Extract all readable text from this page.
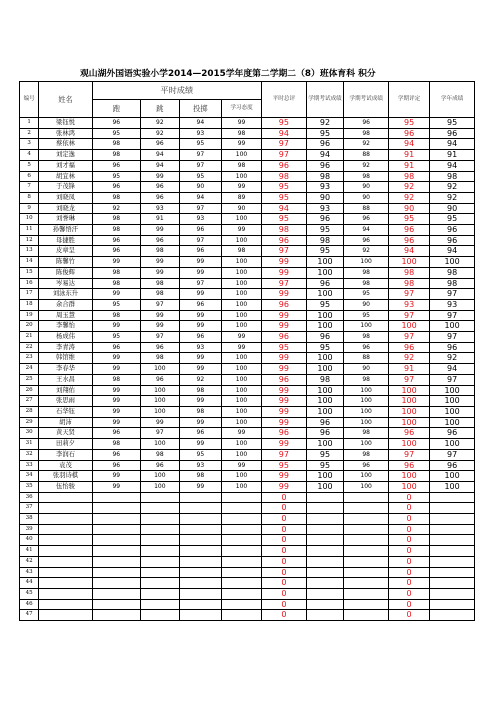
观山湖外国语实验小学2014—2015学年度第二学期二（8）班体育科 积分
编号	姓名	平时成绩				平时总评	学期考试成绩	学期考试成绩	学期评定	学年成绩
		跑	跳	投掷	学习态度					
1	梁钰悦	96	92	94	99	95	92	96	95	95
2	张林鸿	95	92	93	98	94	95	98	96	96
3	蔡依林	98	96	95	99	97	96	92	94	94
4	刘定逸	98	94	97	100	97	94	88	91	91
5	刘才福	96	94	97	98	96	96	92	91	94
6	胡宜林	95	99	95	100	98	98	98	98	98
7	于茂锋	96	96	90	99	95	93	90	92	92
8	刘晓凤	98	96	94	89	95	90	90	92	92
9	刘晓龙	92	93	97	90	94	93	88	90	90
10	刘誉琳	98	91	93	100	95	96	96	95	95
11	孙馨悟汗	98	99	96	99	98	95	94	96	96
12	母捷胜	96	96	97	100	96	98	96	96	96
13	皮章呈	96	98	96	98	97	95	92	94	94
14	陈馨竹	99	99	99	100	99	100	100	100	100
15	陈俊辉	98	99	99	100	99	100	98	98	98
16	岑易达	98	98	97	100	97	96	98	98	98
17	刘泳东升	99	98	99	100	99	100	95	97	97
18	余合群	95	97	96	100	96	95	90	93	93
19	周玉慧	98	99	99	100	99	100	95	97	97
20	李馨怡	99	99	99	100	99	100	100	100	100
21	杨成伟	95	97	96	99	96	96	98	97	97
22	李青涛	96	96	93	99	95	95	96	96	96
23	韩馆维	99	98	99	100	99	100	88	92	92
24	李春华	99	100	99	100	99	100	90	91	94
25	王水昌	98	96	92	100	96	98	98	97	97
26	刘翔佑	99	100	98	100	99	100	100	100	100
27	张思雨	99	100	99	100	99	100	100	100	100
28	石华钰	99	100	98	100	99	100	100	100	100
29	胡沛	99	99	99	100	99	96	100	100	100
30	黄天贤	96	97	96	99	96	96	98	96	96
31	田莉夕	98	100	99	100	99	100	100	100	100
32	李润石	96	98	95	100	97	95	98	97	97
33	袁茂	96	96	93	99	95	95	96	96	96
34	张羽诗棋	99	100	98	100	99	100	100	100	100
35	伍怡骏	99	100	99	100	99	100	100	100	100
36						0			0	
37						0			0	
38						0			0	
39						0			0	
40						0			0	
41						0			0	
42						0			0	
43						0			0	
44						0			0	
45						0			0	
46						0			0	
47						0			0	
